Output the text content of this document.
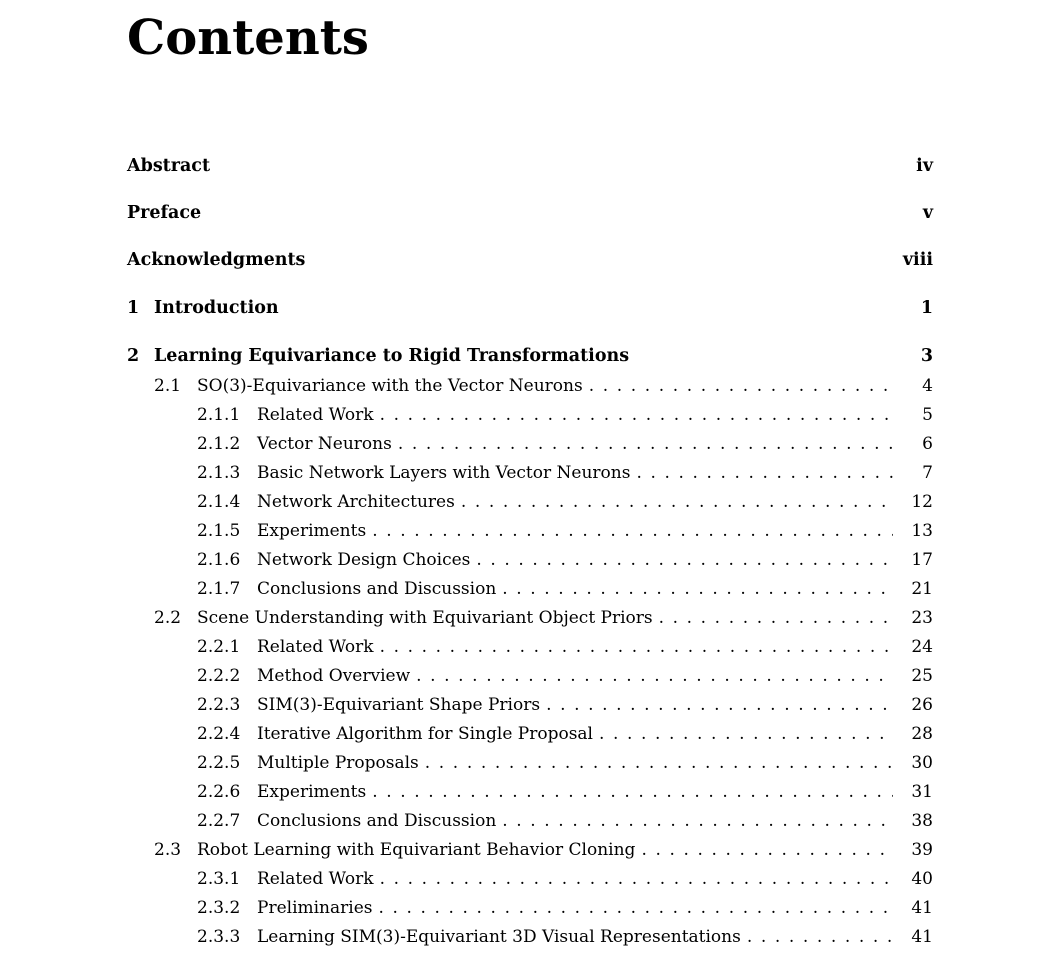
Contents
Abstract	iv
Preface	v
Acknowledgments	viii
1 Introduction	1
2 Learning Equivariance to Rigid Transformations	3
2.1 SO(3)-Equivariance with the Vector Neurons . . .	4
2.1.1 Related Work . . .	5
2.1.2 Vector Neurons . . .	6
2.1.3 Basic Network Layers with Vector Neurons . . .	7
2.1.4 Network Architectures . . .	12
2.1.5 Experiments . . .	13
2.1.6 Network Design Choices . . .	17
2.1.7 Conclusions and Discussion . . .	21
2.2 Scene Understanding with Equivariant Object Priors . . .	23
2.2.1 Related Work . . .	24
2.2.2 Method Overview . . .	25
2.2.3 SIM(3)-Equivariant Shape Priors . . .	26
2.2.4 Iterative Algorithm for Single Proposal . . .	28
2.2.5 Multiple Proposals . . .	30
2.2.6 Experiments . . .	31
2.2.7 Conclusions and Discussion . . .	38
2.3 Robot Learning with Equivariant Behavior Cloning . . .	39
2.3.1 Related Work . . .	40
2.3.2 Preliminaries . . .	41
2.3.3 Learning SIM(3)-Equivariant 3D Visual Representations . . .	41
